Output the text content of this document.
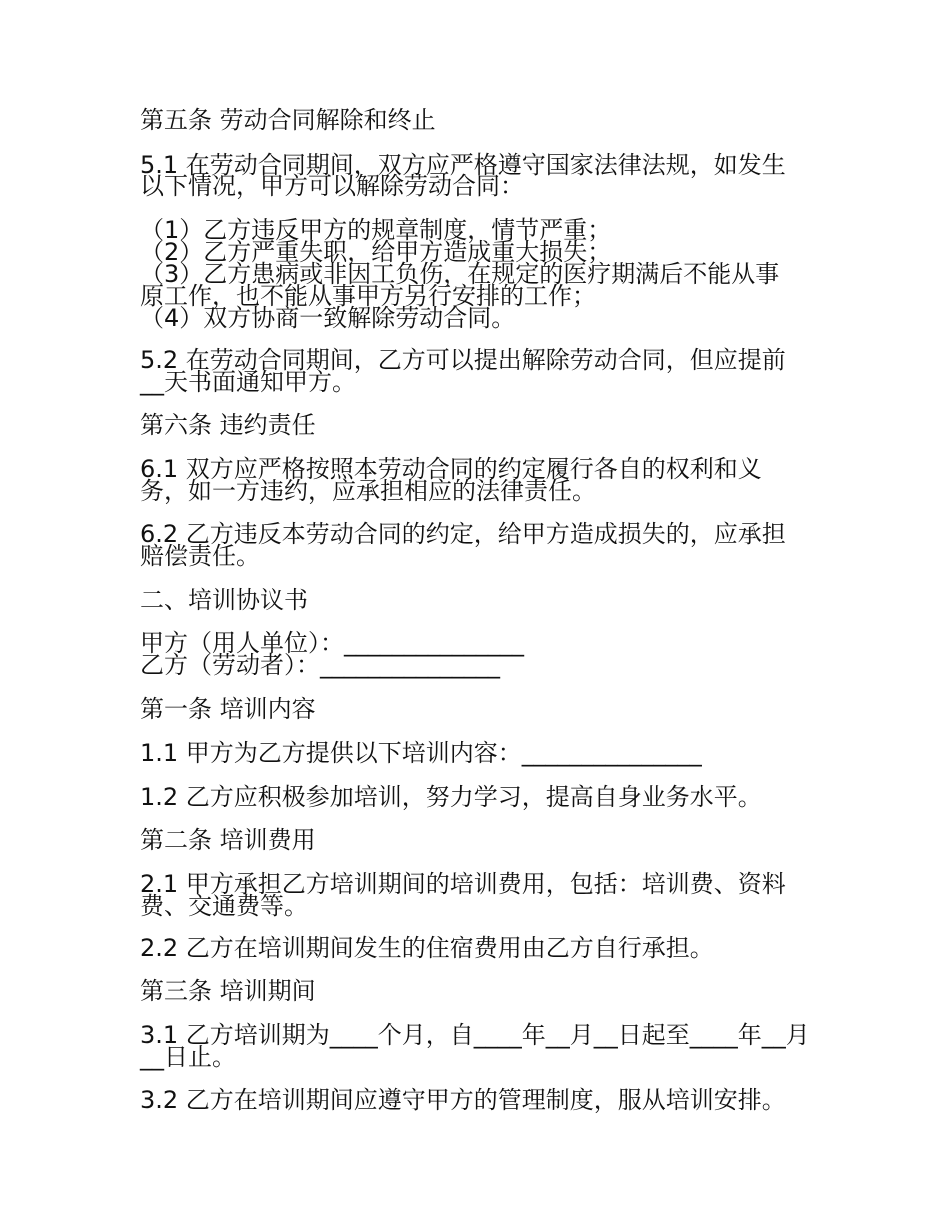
第五条 劳动合同解除和终止

5.1 在劳动合同期间，双方应严格遵守国家法律法规，如发生

以下情况，甲方可以解除劳动合同：

（1）乙方违反甲方的规章制度，情节严重；

（2）乙方严重失职，给甲方造成重大损失；

（3）乙方患病或非因工负伤，在规定的医疗期满后不能从事

原工作，也不能从事甲方另行安排的工作；

（4）双方协商一致解除劳动合同。

5.2 在劳动合同期间，乙方可以提出解除劳动合同，但应提前

__天书面通知甲方。

第六条 违约责任

6.1 双方应严格按照本劳动合同的约定履行各自的权利和义

务，如一方违约，应承担相应的法律责任。

6.2 乙方违反本劳动合同的约定，给甲方造成损失的，应承担

赔偿责任。

二、培训协议书

甲方（用人单位）：_______________

乙方（劳动者）：_______________

第一条 培训内容

1.1 甲方为乙方提供以下培训内容：_______________

1.2 乙方应积极参加培训，努力学习，提高自身业务水平。

第二条 培训费用

2.1 甲方承担乙方培训期间的培训费用，包括：培训费、资料

费、交通费等。

2.2 乙方在培训期间发生的住宿费用由乙方自行承担。

第三条 培训期间

3.1 乙方培训期为____个月，自____年__月__日起至____年__月

__日止。

3.2 乙方在培训期间应遵守甲方的管理制度，服从培训安排。
